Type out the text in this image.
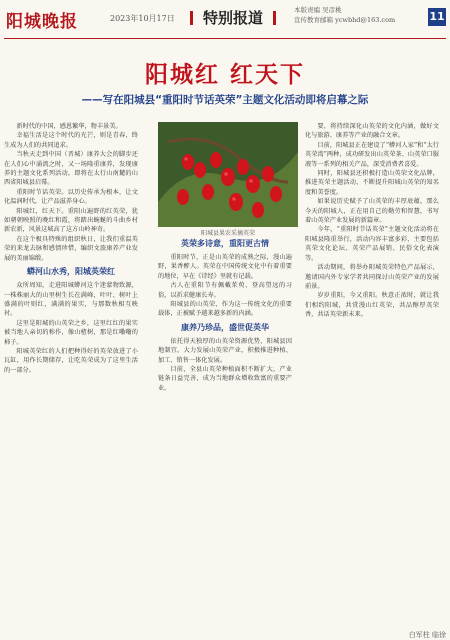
阳城晚报	2023年10月17日	特别报道	本版责编 吴彦桃
宣传教育邮箱 ycwbhd@163.com	11
阳城红 红天下
——写在阳城县“重阳时节话英荣”主题文化活动即将启幕之际

新时代的中国，感恩繁华，物丰景美。

幸福生活是这个时代的光芒，则是青春，终生成为人们的共同追求。

当秋天走到中国（晋城）康养大会的脚步还在人们心中涌流之时，又一场隆重康养，发现康养的主题文化系列活动，即将在太行山南麓的山西省阳城县启幕。

重阳时节话英荣。以历史传承为根本，让文化温润时代，让产品滋养身心。

阳城红，红天下。重阳山遍野的红英荣，犹如朝朝映照的晚红和霞，将踏出蜿蜒的斗曲乡村新农新，风景这城高了这方山岭神奇。

在这个极具特殊的组织秋日，让我们重温英荣的来龙去脉和感情珍惜，编织文旅康养产业发展的美丽锦缎。

蟒河山水秀，阳城英荣红

众所周知，走进阳城蟒河这个迷蒙物致源，一株株丽大的山里树生长在满峰，叶叶、树叶上盛满的叶则红，满满的果实，与那数秋相互映衬。

这里是阳城的山英荣之乡，这里红红的果实被当地人亲切的称作，像山楂树，那是红嘞嘞的柿子。

阳城英荣红的人们把种得好的英荣放进了小瓦缸，用作长期储存，让吃英荣成为了这里生活的一部分。

阳城县果农采摘英荣
英荣多诗意，重阳更古情

重阳时节，正是山英荣的成熟之际，漫山遍野，果香醉人。英荣在中国传统文化中有着重要的地位，早在《诗经》里就有记载。

古人在重阳节有佩戴茱萸、登高望远的习俗，以祈求健康长寿。

阳城县的山英荣，作为这一传统文化的重要载体，正被赋予越来越多新的内涵。

康养乃珍品，盛世促英华

依托得天独厚的山英荣资源优势，阳城县因地制宜，大力发展山英荣产业，积极推进种植、加工、销售一体化发展。

目前，全县山英荣种植面积不断扩大，产业链条日益完善，成为当地群众增收致富的重要产业。

要，将持续深化山英荣的文化内涵，做好文化与旅游、康养等产业的融合文章。

目前，阳城县正在建设了“蟒河人家”和“太行英荣湾”两种，成功研发出山英荣茶、山英荣口服液等一系列的相关产品，深受消费者喜爱。

同时，阳城县还积极打造山英荣文化品牌，推进英荣主题活动，不断提升阳城山英荣的知名度和美誉度。

如果说历史赋予了山英荣的丰厚底蕴，那么今天的阳城人，正在用自己的勤劳和智慧，书写着山英荣产业发展的新篇章。

今年，“重阳时节话英荣”主题文化活动将在阳城县隆重举行，活动内容丰富多彩，主要包括英荣文化论坛、英荣产品展销、民俗文化表演等。

活动期间，将举办阳城英荣特色产品展示，邀请国内外专家学者共同探讨山英荣产业的发展前景。

岁岁重阳，今又重阳。秋意正浓时，就让我们相约阳城，共赏漫山红英荣，共品醇厚英荣香，共话英荣新未来。

白军柱 临徐
